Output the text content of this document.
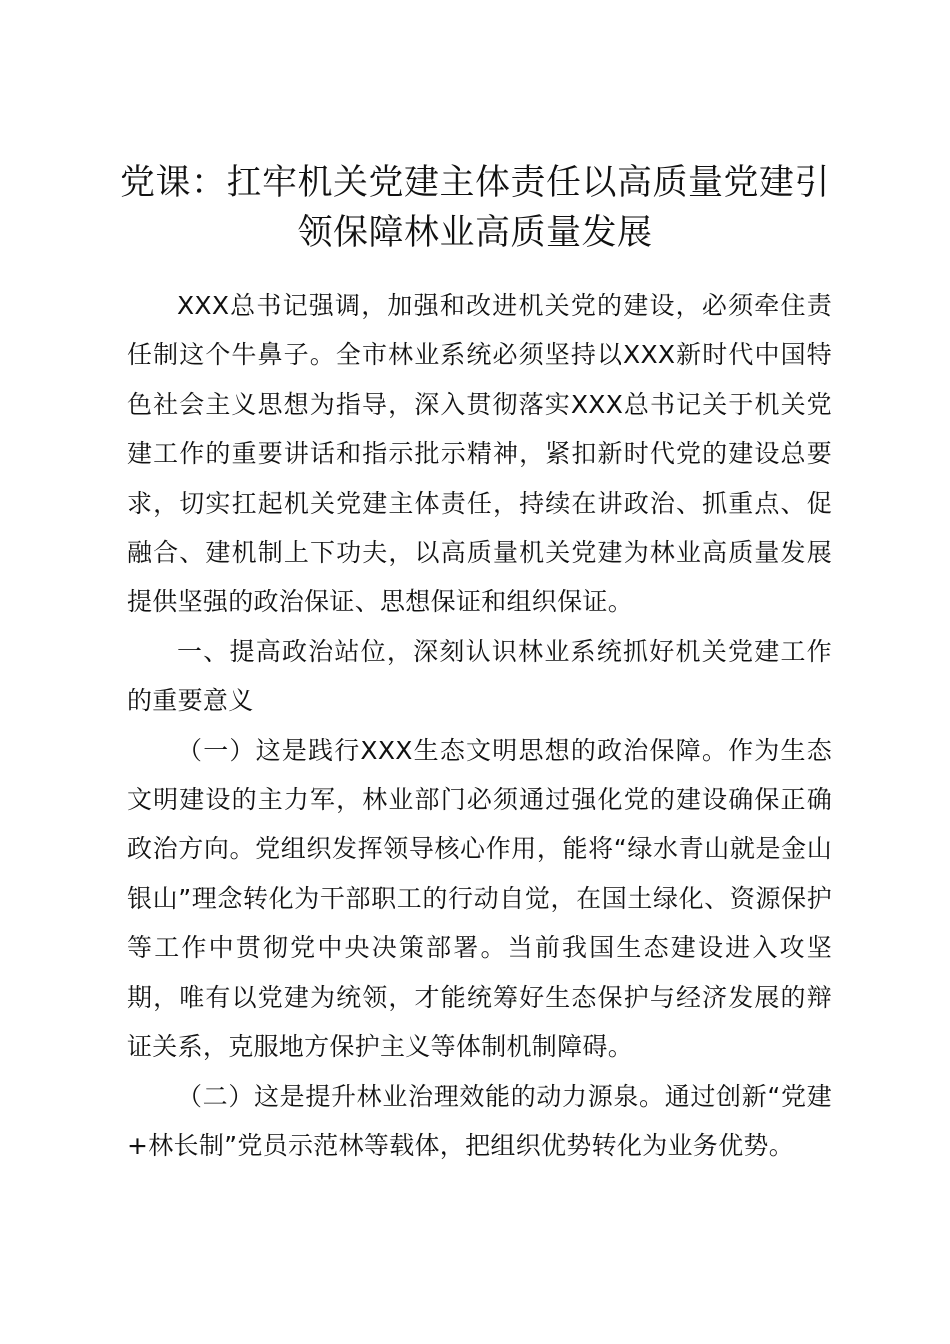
党课：扛牢机关党建主体责任以高质量党建引领保障林业高质量发展

XXX总书记强调，加强和改进机关党的建设，必须牵住责任制这个牛鼻子。全市林业系统必须坚持以XXX新时代中国特色社会主义思想为指导，深入贯彻落实XXX总书记关于机关党建工作的重要讲话和指示批示精神，紧扣新时代党的建设总要求，切实扛起机关党建主体责任，持续在讲政治、抓重点、促融合、建机制上下功夫，以高质量机关党建为林业高质量发展提供坚强的政治保证、思想保证和组织保证。

一、提高政治站位，深刻认识林业系统抓好机关党建工作的重要意义

（一）这是践行XXX生态文明思想的政治保障。作为生态文明建设的主力军，林业部门必须通过强化党的建设确保正确政治方向。党组织发挥领导核心作用，能将“绿水青山就是金山银山”理念转化为干部职工的行动自觉，在国土绿化、资源保护等工作中贯彻党中央决策部署。当前我国生态建设进入攻坚期，唯有以党建为统领，才能统筹好生态保护与经济发展的辩证关系，克服地方保护主义等体制机制障碍。

（二）这是提升林业治理效能的动力源泉。通过创新“党建+林长制”党员示范林等载体，把组织优势转化为业务优势。
